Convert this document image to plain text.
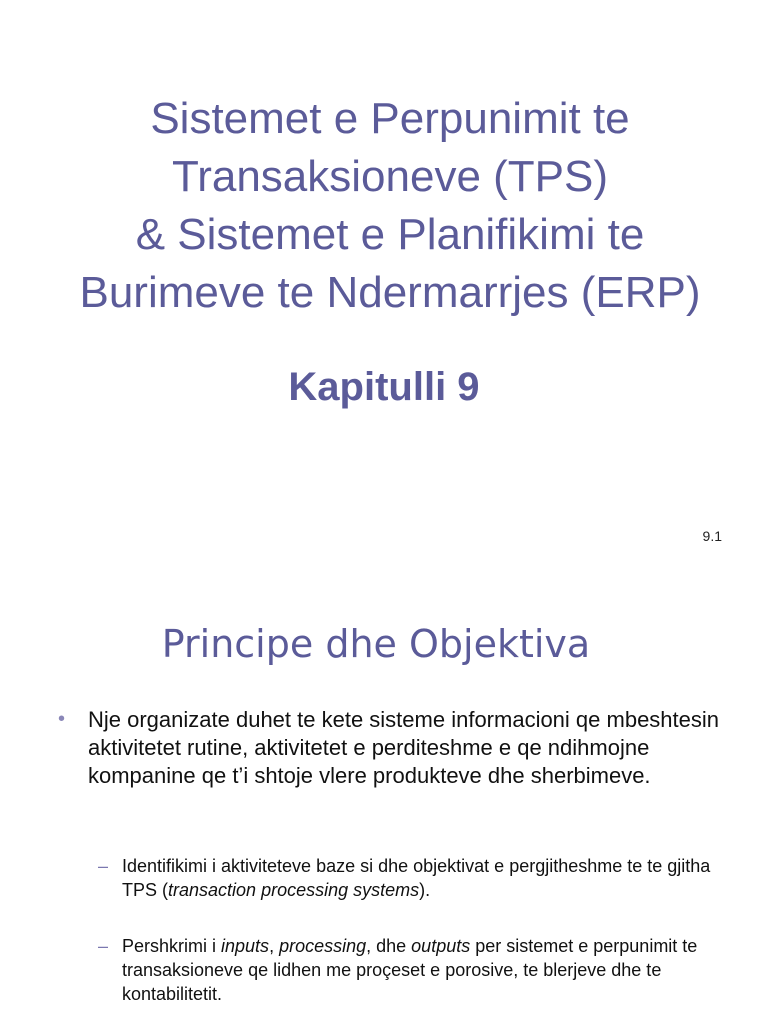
Sistemet e Perpunimit te
Transaksioneve (TPS)
& Sistemet e Planifikimi te
Burimeve te Ndermarrjes (ERP)
Kapitulli 9
9.1
Principe dhe Objektiva
•	Nje organizate duhet te kete sisteme informacioni qe mbeshtesin aktivitetet rutine, aktivitetet e perditeshme e qe ndihmojne kompanine qe t’i shtoje vlere produkteve dhe sherbimeve.
– Identifikimi i aktiviteteve baze si dhe objektivat e pergjitheshme te te gjitha TPS (transaction processing systems).
– Pershkrimi i inputs, processing, dhe outputs per sistemet e perpunimit te transaksioneve qe lidhen me proçeset e porosive, te blerjeve dhe te kontabilitetit.
